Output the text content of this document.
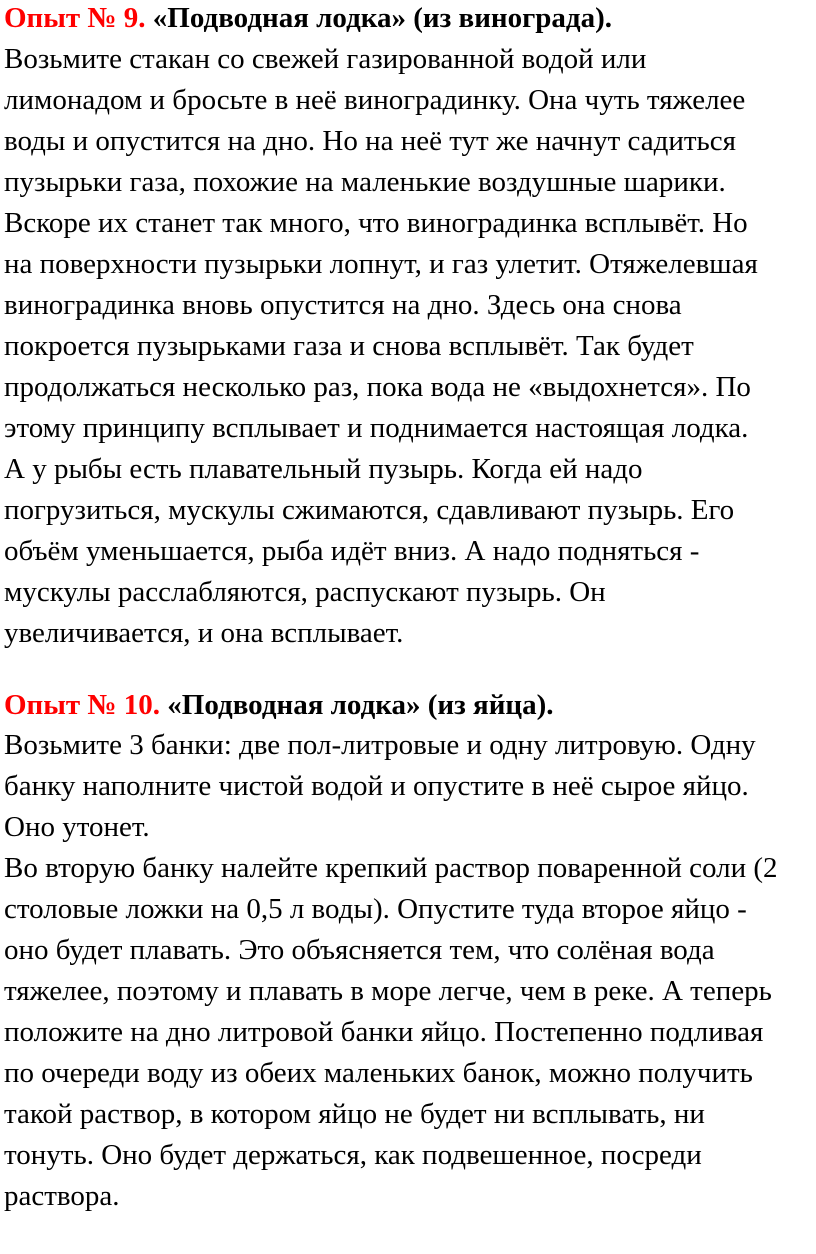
Опыт № 9. «Подводная лодка» (из винограда).
Возьмите стакан со свежей газированной водой или
лимонадом и бросьте в неё виноградинку. Она чуть тяжелее
воды и опустится на дно. Но на неё тут же начнут садиться
пузырьки газа, похожие на маленькие воздушные шарики.
Вскоре их станет так много, что виноградинка всплывёт. Но
на поверхности пузырьки лопнут, и газ улетит. Отяжелевшая
виноградинка вновь опустится на дно. Здесь она снова
покроется пузырьками газа и снова всплывёт. Так будет
продолжаться несколько раз, пока вода не «выдохнется». По
этому принципу всплывает и поднимается настоящая лодка.
А у рыбы есть плавательный пузырь. Когда ей надо
погрузиться, мускулы сжимаются, сдавливают пузырь. Его
объём уменьшается, рыба идёт вниз. А надо подняться -
мускулы расслабляются, распускают пузырь. Он
увеличивается, и она всплывает.
Опыт № 10. «Подводная лодка» (из яйца).
Возьмите 3 банки: две пол-литровые и одну литровую. Одну
банку наполните чистой водой и опустите в неё сырое яйцо.
Оно утонет.
Во вторую банку налейте крепкий раствор поваренной соли (2
столовые ложки на 0,5 л воды). Опустите туда второе яйцо -
оно будет плавать. Это объясняется тем, что солёная вода
тяжелее, поэтому и плавать в море легче, чем в реке. А теперь
положите на дно литровой банки яйцо. Постепенно подливая
по очереди воду из обеих маленьких банок, можно получить
такой раствор, в котором яйцо не будет ни всплывать, ни
тонуть. Оно будет держаться, как подвешенное, посреди
раствора.
